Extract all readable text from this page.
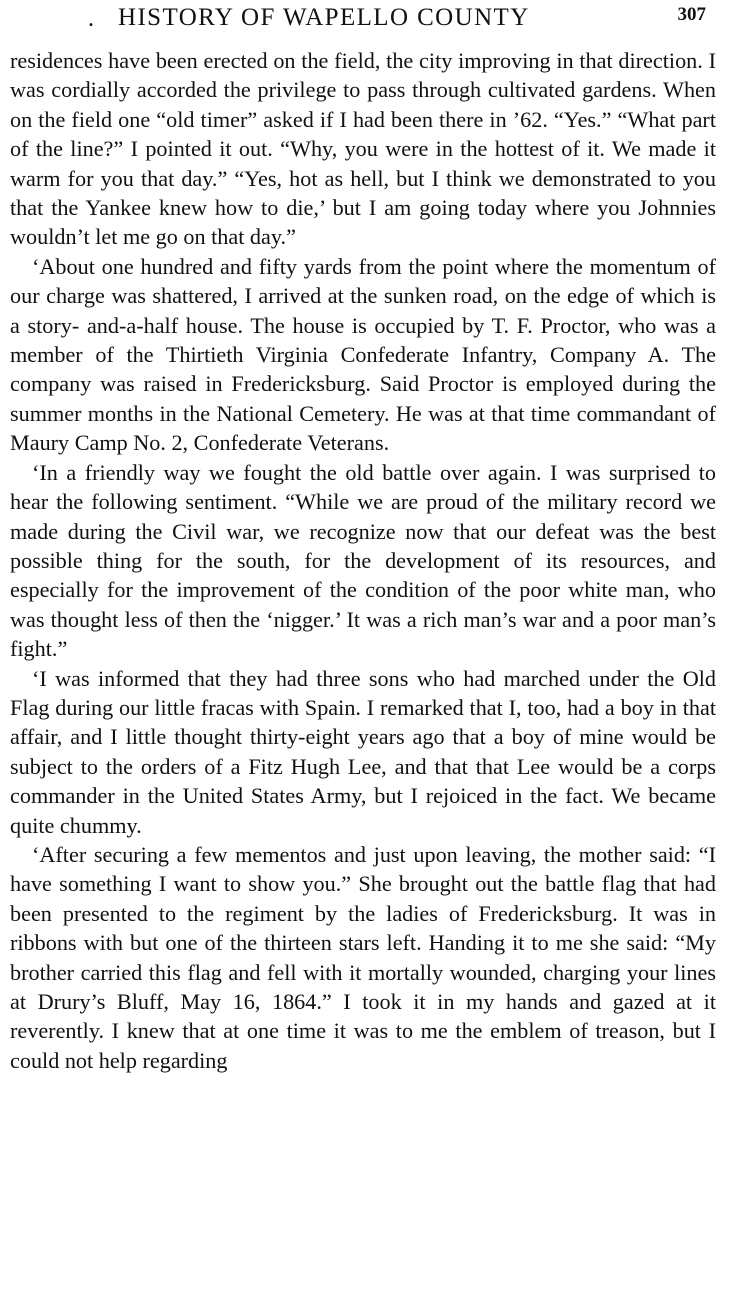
. HISTORY OF WAPELLO COUNTY	307

residences have been erected on the field, the city improving in that direction. I was cordially accorded the privilege to pass through cultivated gardens. When on the field one “old timer” asked if I had been there in ’62. “Yes.” “What part of the line?” I pointed it out. “Why, you were in the hottest of it. We made it warm for you that day.” “Yes, hot as hell, but I think we demonstrated to you that the Yankee knew how to die,’ but I am going today where you Johnnies wouldn’t let me go on that day.”

‘About one hundred and fifty yards from the point where the momentum of our charge was shattered, I arrived at the sunken road, on the edge of which is a story- and-a-half house. The house is occupied by T. F. Proctor, who was a member of the Thirtieth Virginia Confederate Infantry, Company A. The company was raised in Fredericksburg. Said Proctor is employed during the summer months in the National Cemetery. He was at that time commandant of Maury Camp No. 2, Confederate Veterans.

‘In a friendly way we fought the old battle over again. I was surprised to hear the following sentiment. “While we are proud of the military record we made during the Civil war, we recognize now that our defeat was the best possible thing for the south, for the development of its resources, and especially for the improvement of the condition of the poor white man, who was thought less of then the ‘nigger.’ It was a rich man’s war and a poor man’s fight.”

‘I was informed that they had three sons who had marched under the Old Flag during our little fracas with Spain. I remarked that I, too, had a boy in that affair, and I little thought thirty-eight years ago that a boy of mine would be subject to the orders of a Fitz Hugh Lee, and that that Lee would be a corps commander in the United States Army, but I rejoiced in the fact. We became quite chummy.

‘After securing a few mementos and just upon leaving, the mother said: “I have something I want to show you.” She brought out the battle flag that had been presented to the regiment by the ladies of Fredericksburg. It was in ribbons with but one of the thirteen stars left. Handing it to me she said: “My brother carried this flag and fell with it mortally wounded, charging your lines at Drury’s Bluff, May 16, 1864.” I took it in my hands and gazed at it reverently. I knew that at one time it was to me the emblem of treason, but I could not help regarding
